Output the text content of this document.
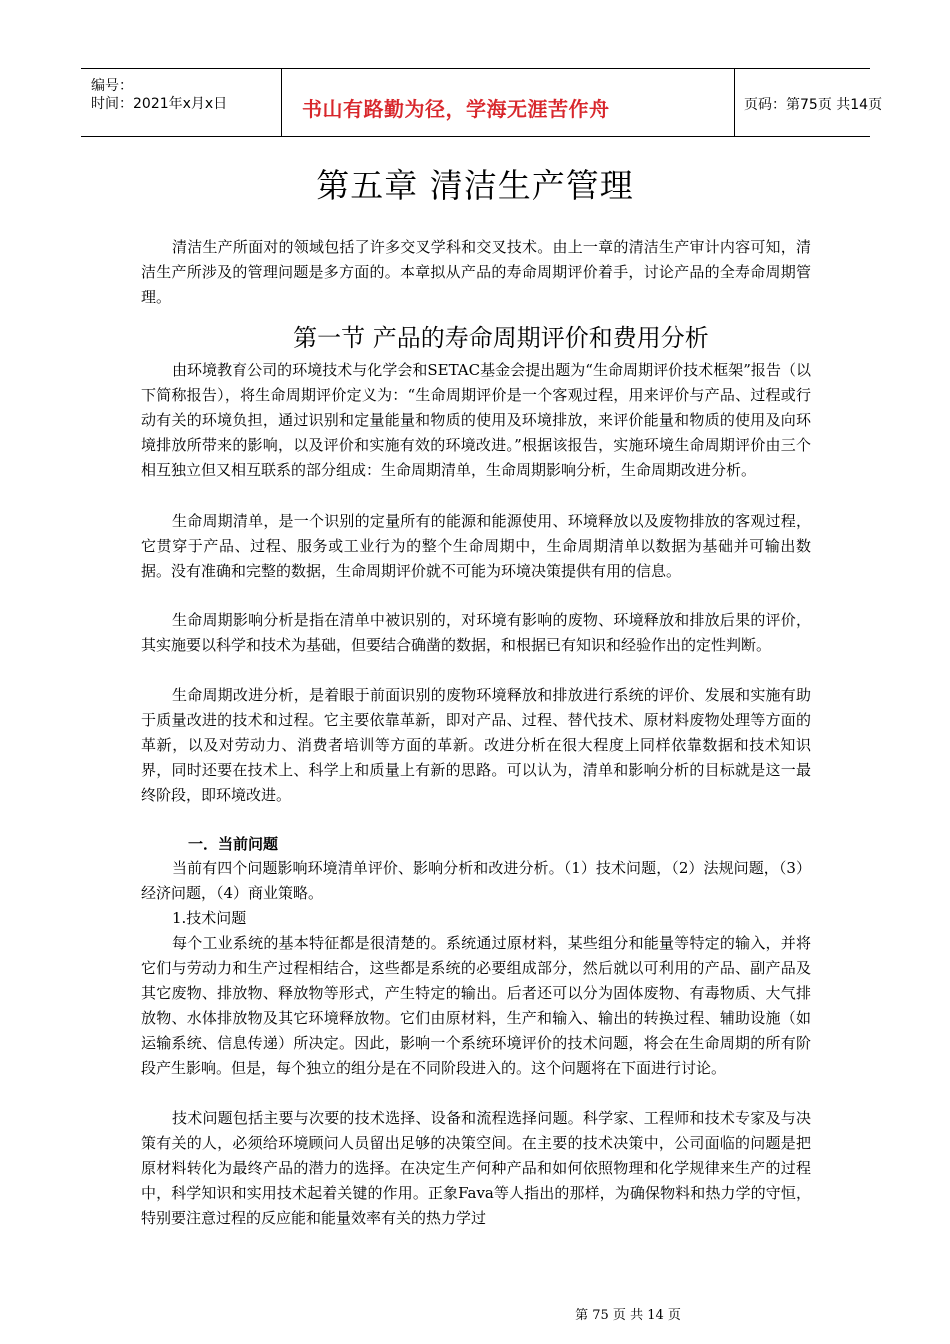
编号：
时间：2021年x月x日	书山有路勤为径，学海无涯苦作舟	页码：第75页 共14页
第五章 清洁生产管理

清洁生产所面对的领域包括了许多交叉学科和交叉技术。由上一章的清洁生产审计内容可知，清洁生产所涉及的管理问题是多方面的。本章拟从产品的寿命周期评价着手，讨论产品的全寿命周期管理。

第一节 产品的寿命周期评价和费用分析

由环境教育公司的环境技术与化学会和SETAC基金会提出题为“生命周期评价技术框架”报告（以下简称报告），将生命周期评价定义为：“生命周期评价是一个客观过程，用来评价与产品、过程或行动有关的环境负担，通过识别和定量能量和物质的使用及环境排放，来评价能量和物质的使用及向环境排放所带来的影响，以及评价和实施有效的环境改进。”根据该报告，实施环境生命周期评价由三个相互独立但又相互联系的部分组成：生命周期清单，生命周期影响分析，生命周期改进分析。

生命周期清单，是一个识别的定量所有的能源和能源使用、环境释放以及废物排放的客观过程，它贯穿于产品、过程、服务或工业行为的整个生命周期中，生命周期清单以数据为基础并可输出数据。没有准确和完整的数据，生命周期评价就不可能为环境决策提供有用的信息。

生命周期影响分析是指在清单中被识别的，对环境有影响的废物、环境释放和排放后果的评价，其实施要以科学和技术为基础，但要结合确凿的数据，和根据已有知识和经验作出的定性判断。

生命周期改进分析，是着眼于前面识别的废物环境释放和排放进行系统的评价、发展和实施有助于质量改进的技术和过程。它主要依靠革新，即对产品、过程、替代技术、原材料废物处理等方面的革新，以及对劳动力、消费者培训等方面的革新。改进分析在很大程度上同样依靠数据和技术知识界，同时还要在技术上、科学上和质量上有新的思路。可以认为，清单和影响分析的目标就是这一最终阶段，即环境改进。

一．当前问题

当前有四个问题影响环境清单评价、影响分析和改进分析。（1）技术问题，（2）法规问题，（3）经济问题，（4）商业策略。

1.技术问题

每个工业系统的基本特征都是很清楚的。系统通过原材料，某些组分和能量等特定的输入，并将它们与劳动力和生产过程相结合，这些都是系统的必要组成部分，然后就以可利用的产品、副产品及其它废物、排放物、释放物等形式，产生特定的输出。后者还可以分为固体废物、有毒物质、大气排放物、水体排放物及其它环境释放物。它们由原材料，生产和输入、输出的转换过程、辅助设施（如运输系统、信息传递）所决定。因此，影响一个系统环境评价的技术问题，将会在生命周期的所有阶段产生影响。但是，每个独立的组分是在不同阶段进入的。这个问题将在下面进行讨论。

技术问题包括主要与次要的技术选择、设备和流程选择问题。科学家、工程师和技术专家及与决策有关的人，必须给环境顾问人员留出足够的决策空间。在主要的技术决策中，公司面临的问题是把原材料转化为最终产品的潜力的选择。在决定生产何种产品和如何依照物理和化学规律来生产的过程中，科学知识和实用技术起着关键的作用。正象Fava等人指出的那样，为确保物料和热力学的守恒，特别要注意过程的反应能和能量效率有关的热力学过

第 75 页 共 14 页
